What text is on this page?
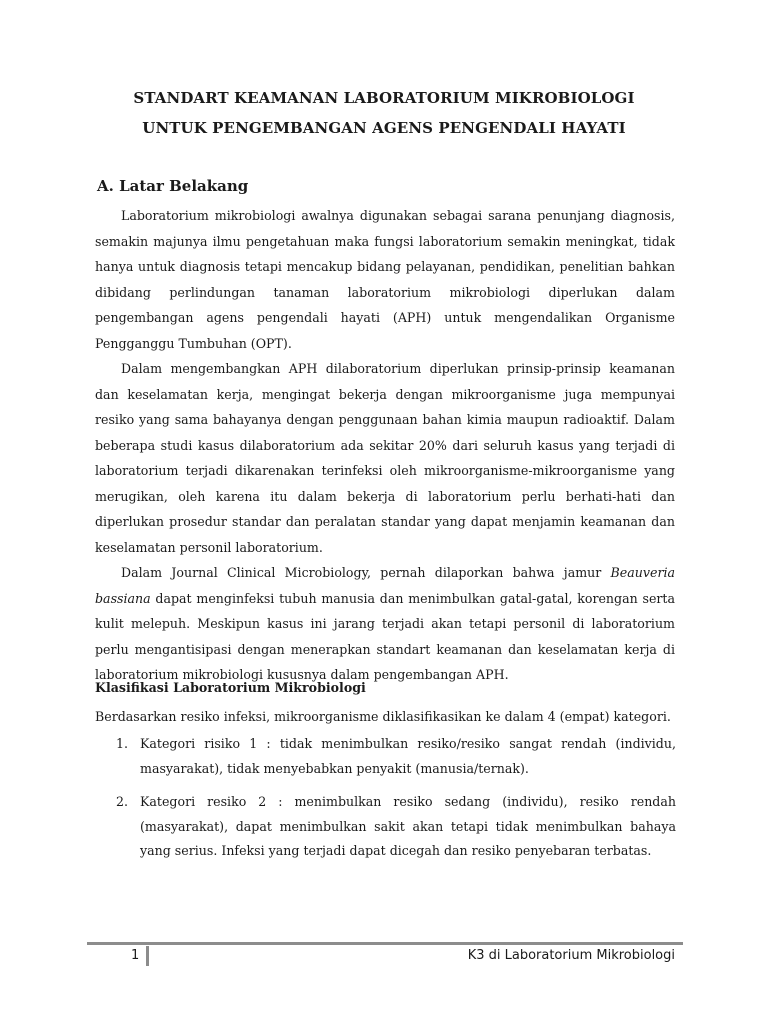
STANDART KEAMANAN LABORATORIUM MIKROBIOLOGI
UNTUK PENGEMBANGAN AGENS PENGENDALI HAYATI
A. Latar Belakang

Laboratorium mikrobiologi awalnya digunakan sebagai sarana penunjang diagnosis, semakin majunya ilmu pengetahuan maka fungsi laboratorium semakin meningkat, tidak hanya untuk diagnosis tetapi mencakup bidang pelayanan, pendidikan, penelitian bahkan dibidang perlindungan tanaman laboratorium mikrobiologi diperlukan dalam pengembangan agens pengendali hayati (APH) untuk mengendalikan Organisme Pengganggu Tumbuhan (OPT).

Dalam mengembangkan APH dilaboratorium diperlukan prinsip-prinsip keamanan dan keselamatan kerja, mengingat bekerja dengan mikroorganisme juga mempunyai resiko yang sama bahayanya dengan penggunaan bahan kimia maupun radioaktif. Dalam beberapa studi kasus dilaboratorium ada sekitar 20% dari seluruh kasus yang terjadi di laboratorium terjadi dikarenakan terinfeksi oleh mikroorganisme-mikroorganisme yang merugikan, oleh karena itu dalam bekerja di laboratorium perlu berhati-hati dan diperlukan prosedur standar dan peralatan standar yang dapat menjamin keamanan dan keselamatan personil laboratorium.

Dalam Journal Clinical Microbiology, pernah dilaporkan bahwa jamur Beauveria bassiana dapat menginfeksi tubuh manusia dan menimbulkan gatal-gatal, korengan serta kulit melepuh. Meskipun kasus ini jarang terjadi akan tetapi personil di laboratorium perlu mengantisipasi dengan menerapkan standart keamanan dan keselamatan kerja di laboratorium mikrobiologi kususnya dalam pengembangan APH.

Klasifikasi Laboratorium Mikrobiologi
Berdasarkan resiko infeksi, mikroorganisme diklasifikasikan ke dalam 4 (empat) kategori.
1. Kategori risiko 1 : tidak menimbulkan resiko/resiko sangat rendah (individu, masyarakat), tidak menyebabkan penyakit (manusia/ternak).
2. Kategori resiko 2 : menimbulkan resiko sedang (individu), resiko rendah (masyarakat), dapat menimbulkan sakit akan tetapi tidak menimbulkan bahaya yang serius. Infeksi yang terjadi dapat dicegah dan resiko penyebaran terbatas.
1	K3 di Laboratorium Mikrobiologi
